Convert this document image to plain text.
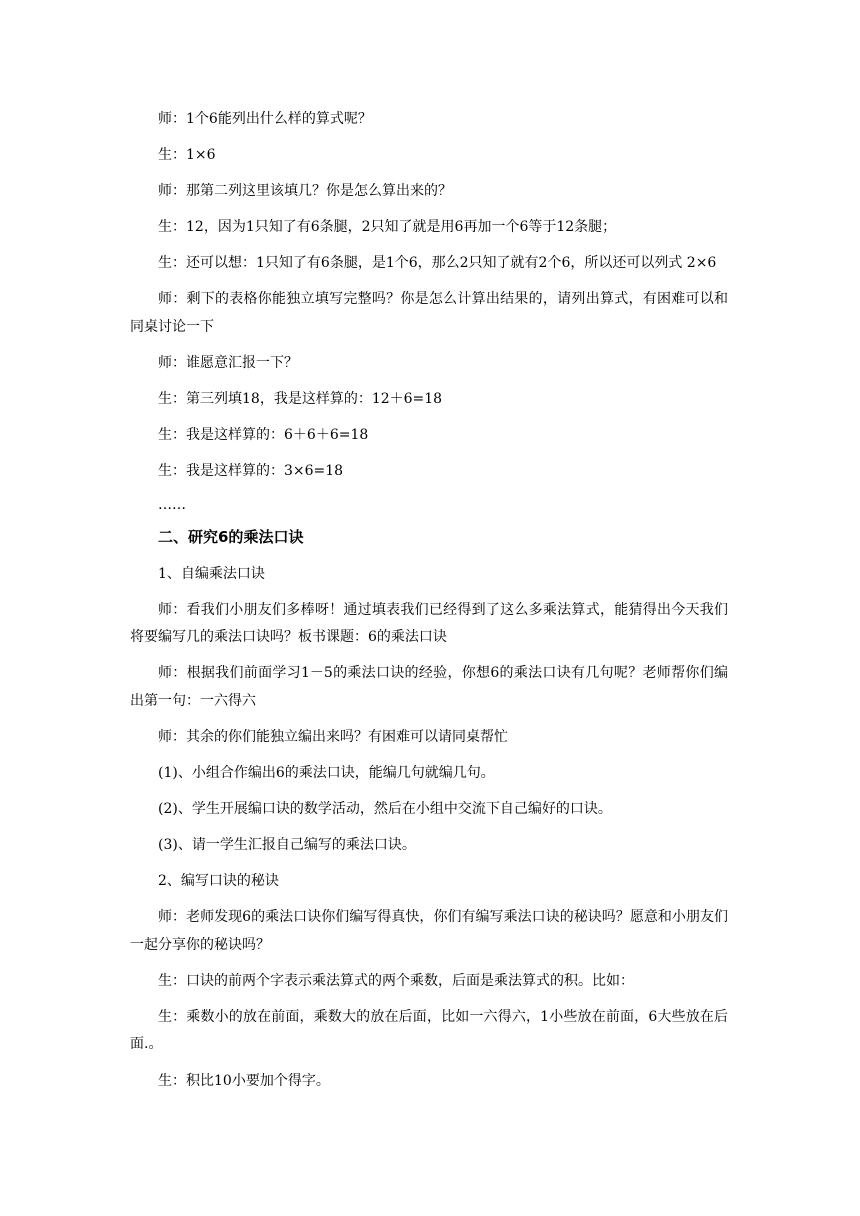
师：1个6能列出什么样的算式呢？

生：1×6

师：那第二列这里该填几？你是怎么算出来的？

生：12，因为1只知了有6条腿，2只知了就是用6再加一个6等于12条腿；

生：还可以想：1只知了有6条腿，是1个6，那么2只知了就有2个6，所以还可以列式 2×6

师：剩下的表格你能独立填写完整吗？你是怎么计算出结果的，请列出算式，有困难可以和同桌讨论一下

师：谁愿意汇报一下？

生：第三列填18，我是这样算的：12＋6=18

生：我是这样算的：6＋6＋6=18

生：我是这样算的：3×6=18

……

二、研究6的乘法口诀

1、自编乘法口诀

师：看我们小朋友们多棒呀！通过填表我们已经得到了这么多乘法算式，能猜得出今天我们将要编写几的乘法口诀吗？板书课题：6的乘法口诀

师：根据我们前面学习1－5的乘法口诀的经验，你想6的乘法口诀有几句呢？老师帮你们编出第一句：一六得六

师：其余的你们能独立编出来吗？有困难可以请同桌帮忙

(1)、小组合作编出6的乘法口诀，能编几句就编几句。

(2)、学生开展编口诀的数学活动，然后在小组中交流下自己编好的口诀。

(3)、请一学生汇报自己编写的乘法口诀。

2、编写口诀的秘诀

师：老师发现6的乘法口诀你们编写得真快，你们有编写乘法口诀的秘诀吗？愿意和小朋友们一起分享你的秘诀吗？

生：口诀的前两个字表示乘法算式的两个乘数，后面是乘法算式的积。比如：

生：乘数小的放在前面，乘数大的放在后面，比如一六得六，1小些放在前面，6大些放在后面.。

生：积比10小要加个得字。
